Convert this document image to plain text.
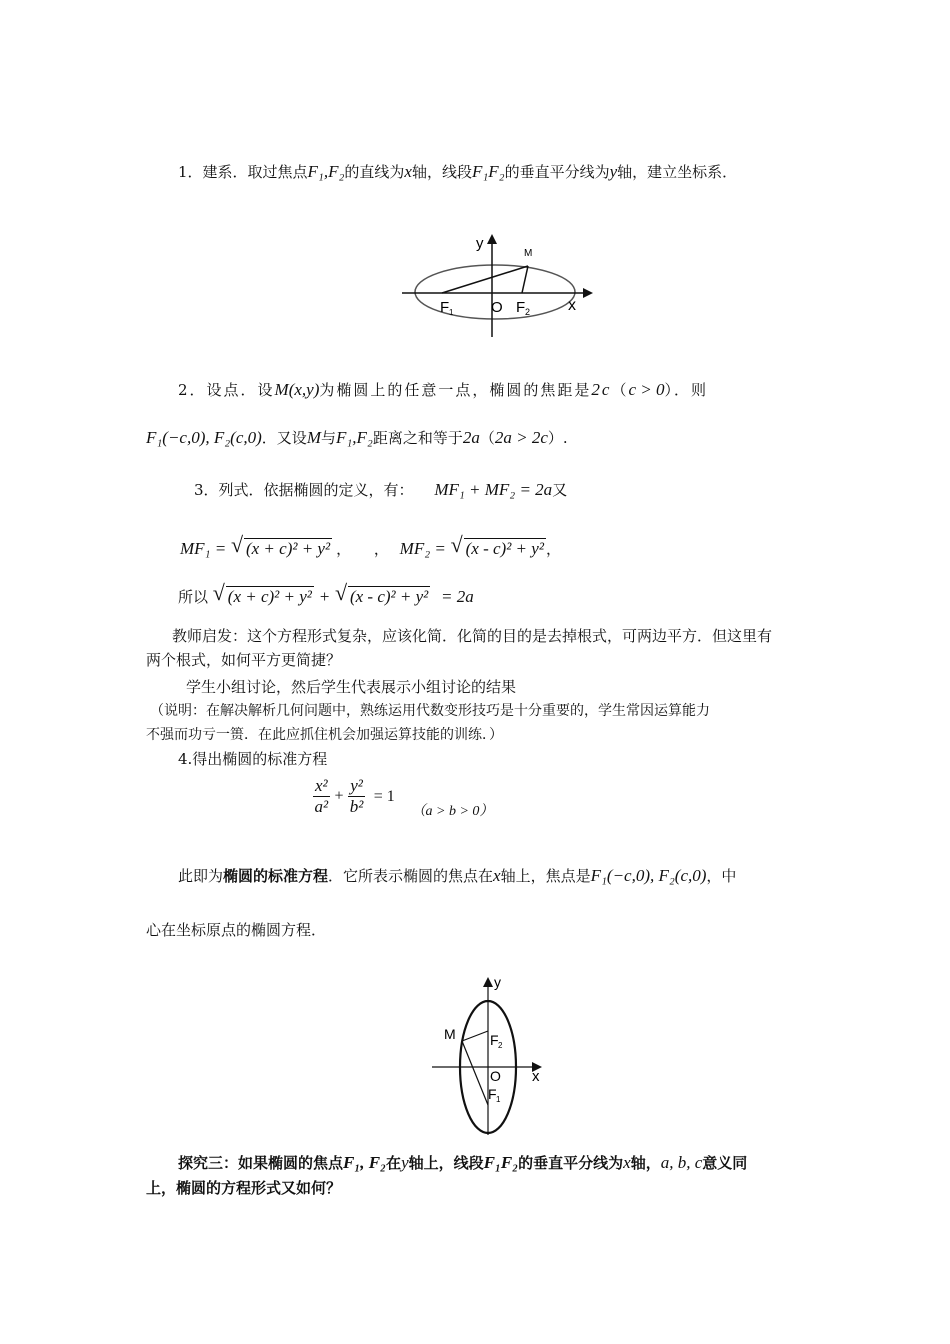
1．建系．取过焦点F₁,F₂的直线为x轴，线段F₁F₂的垂直平分线为y轴，建立坐标系．
y
M
F 1	O F 2 x
2．设点．设M(x,y)为椭圆上的任意一点，椭圆的焦距是2c（c > 0）．则
F₁(−c,0), F₂(c,0)．又设M与F₁,F₂距离之和等于2a（2a > 2c）.
3．列式．依据椭圆的定义，有： MF₁ + MF₂ = 2a又
MF₁ = √ (x + c)² + y² ， ， MF₂ = √ (x - c)² + y² ，
所以 √ (x + c)² + y² + √ (x - c)² + y² = 2a
教师启发：这个方程形式复杂，应该化简．化简的目的是去掉根式，可两边平方．但这里有
两个根式，如何平方更简捷？
学生小组讨论，然后学生代表展示小组讨论的结果
（说明：在解决解析几何问题中，熟练运用代数变形技巧是十分重要的，学生常因运算能力
不强而功亏一篑．在此应抓住机会加强运算技能的训练．）
4.得出椭圆的标准方程
$\frac{\text{x²}}{\text{a²}} + \frac{\text{y²}}{\text{b²}} = 1$ （a > b > 0）
此即为椭圆的标准方程．它所表示椭圆的焦点在x轴上，焦点是F₁(−c,0), F₂(c,0)，中
心在坐标原点的椭圆方程．
y
M F 2
O
F 1
x
探究三：如果椭圆的焦点F₁, F₂在y轴上，线段F₁F₂的垂直平分线为x轴，a, b, c意义同
上，椭圆的方程形式又如何？
